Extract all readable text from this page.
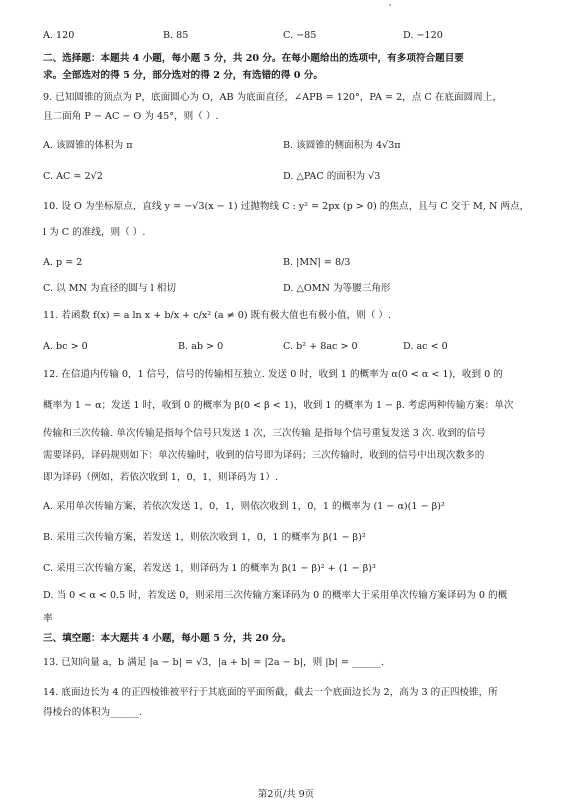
A. 120	B. 85	C. −85	D. −120
二、选择题：本题共 4 小题，每小题 5 分，共 20 分。在每小题给出的选项中，有多项符合题目要
求。全部选对的得 5 分，部分选对的得 2 分，有选错的得 0 分。
9. 已知圆锥的顶点为 P，底面圆心为 O，AB 为底面直径，∠APB = 120°，PA = 2，点 C 在底面圆周上，
且二面角 P − AC − O 为 45°，则（ ）.
A. 该圆锥的体积为 π	B. 该圆锥的侧面积为 4√3π
C. AC = 2√2	D. △PAC 的面积为 √3
10. 设 O 为坐标原点，直线 y = −√3(x − 1) 过抛物线 C : y² = 2px (p > 0) 的焦点，且与 C 交于 M, N 两点，
l 为 C 的准线，则（ ）.
A. p = 2	B. |MN| = 8/3
C. 以 MN 为直径的圆与 l 相切	D. △OMN 为等腰三角形
11. 若函数 f(x) = a ln x + b/x + c/x² (a ≠ 0) 既有极大值也有极小值，则（ ）.
A. bc > 0	B. ab > 0	C. b² + 8ac > 0	D. ac < 0
12. 在信道内传输 0，1 信号，信号的传输相互独立. 发送 0 时，收到 1 的概率为 α(0 < α < 1)，收到 0 的
概率为 1 − α；发送 1 时，收到 0 的概率为 β(0 < β < 1)，收到 1 的概率为 1 − β. 考虑两种传输方案：单次
传输和三次传输. 单次传输是指每个信号只发送 1 次，三次传输 是指每个信号重复发送 3 次. 收到的信号
需要译码，译码规则如下：单次传输时，收到的信号即为译码；三次传输时，收到的信号中出现次数多的
即为译码（例如，若依次收到 1，0，1，则译码为 1）.
A. 采用单次传输方案，若依次发送 1，0，1，则依次收到 1，0，1 的概率为 (1 − α)(1 − β)²
B. 采用三次传输方案，若发送 1，则依次收到 1，0，1 的概率为 β(1 − β)²
C. 采用三次传输方案，若发送 1，则译码为 1 的概率为 β(1 − β)² + (1 − β)³
D. 当 0 < α < 0.5 时，若发送 0，则采用三次传输方案译码为 0 的概率大于采用单次传输方案译码为 0 的概
率
三、填空题：本大题共 4 小题，每小题 5 分，共 20 分。
13. 已知向量 a，b 满足 |a − b| = √3，|a + b| = |2a − b|，则 |b| = ______.
14. 底面边长为 4 的正四棱锥被平行于其底面的平面所截，截去一个底面边长为 2，高为 3 的正四棱锥，所
得棱台的体积为______.
第2页/共 9页
